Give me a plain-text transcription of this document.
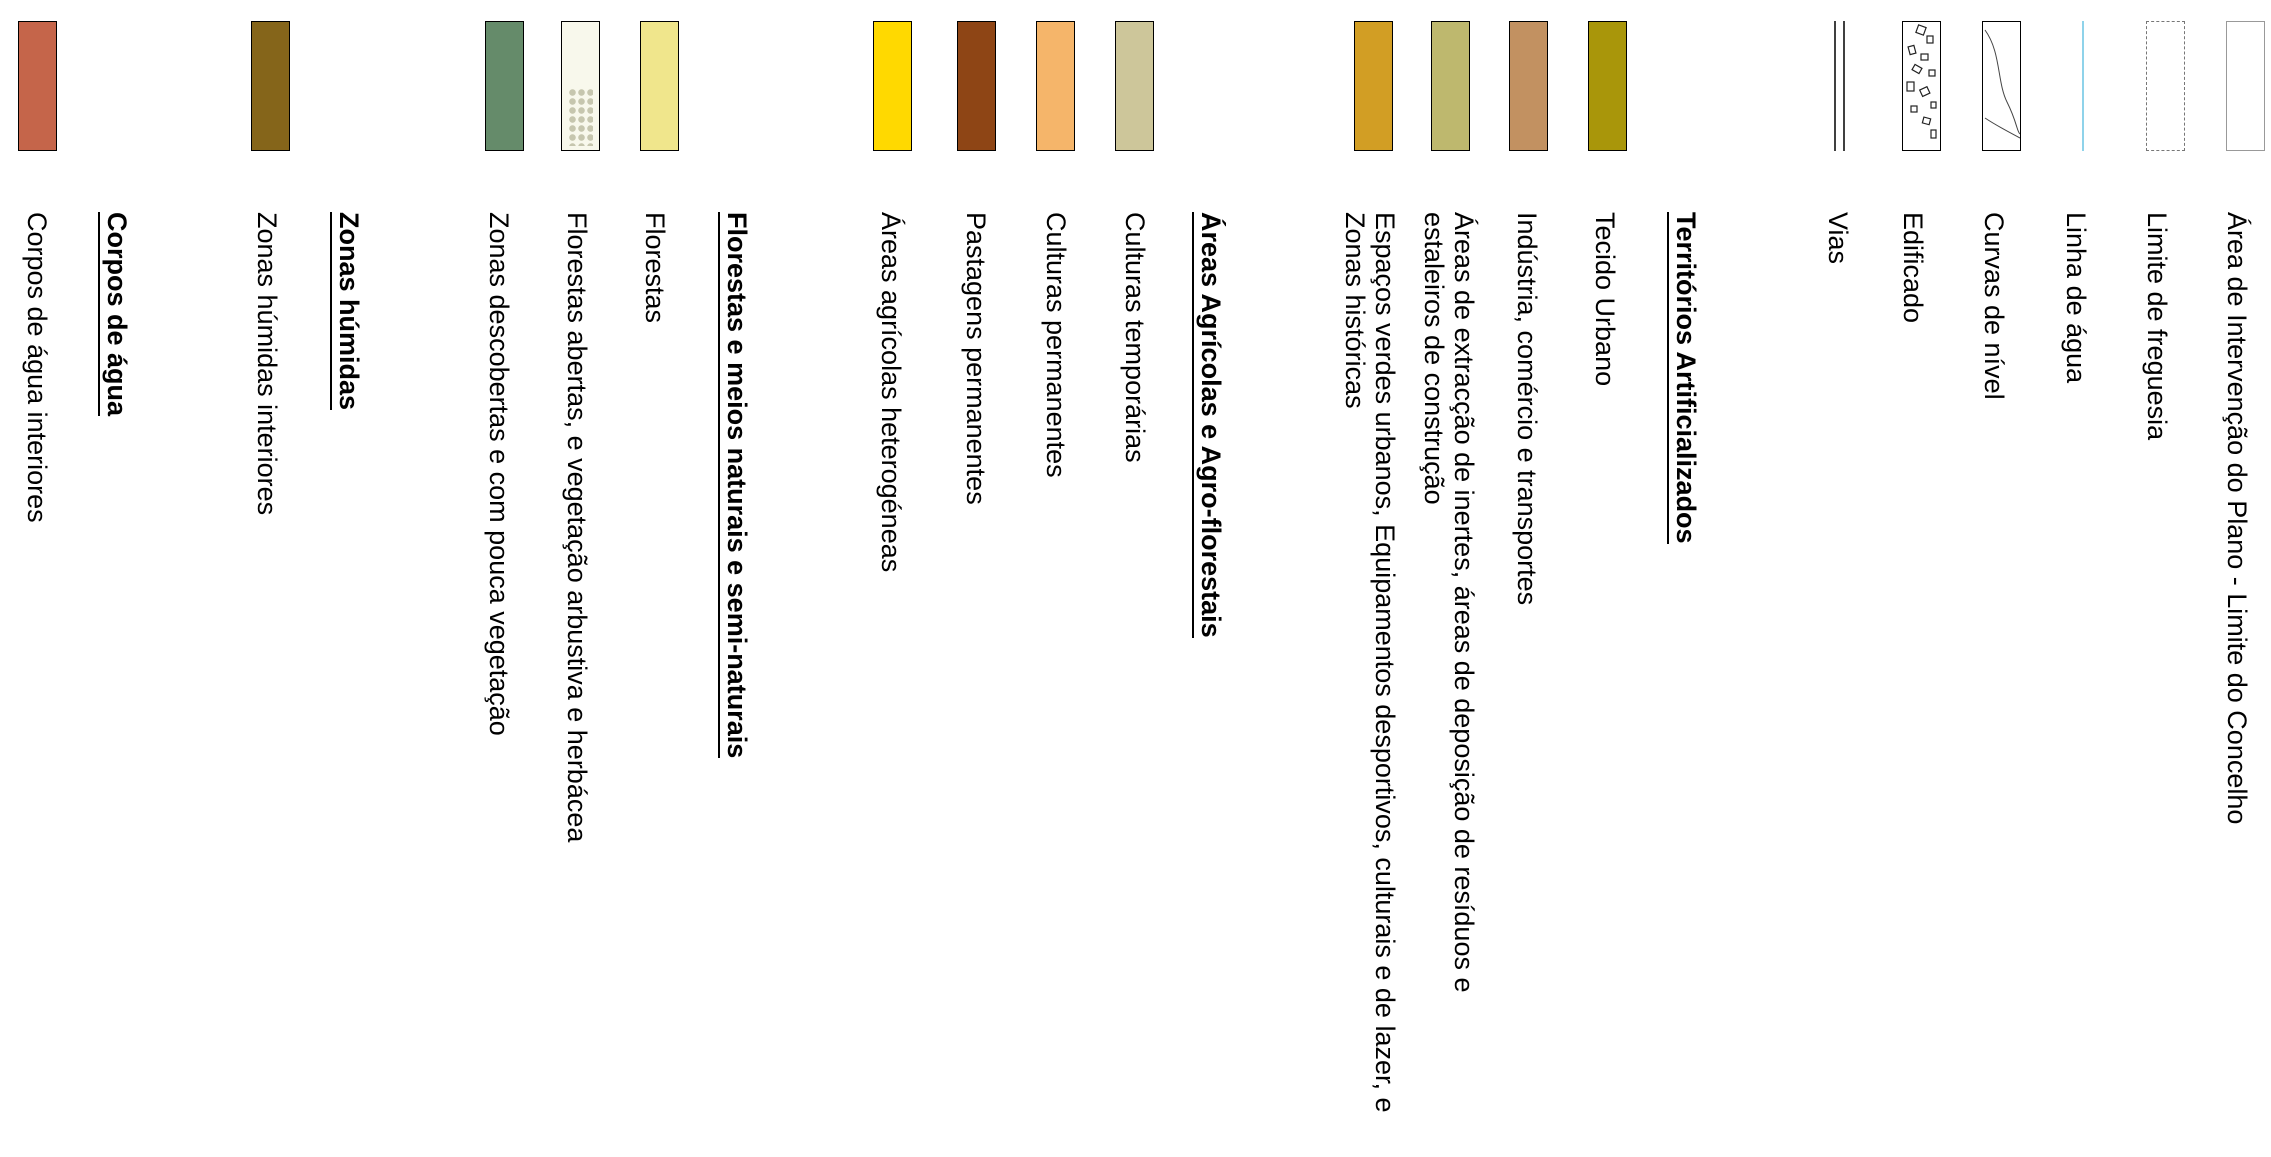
Área de Intervenção do Plano - Limite do Concelho
Limite de freguesia
Linha de água
Curvas de nível
Edificado
Vias
Territórios Artificializados
Tecido Urbano
Indústria, comércio e transportes
Áreas de extracção de inertes, áreas de deposição de resíduos e
estaleiros de construção
Espaços verdes urbanos, Equipamentos desportivos, culturais e de lazer, e
Zonas históricas
Áreas Agrícolas e Agro-florestais
Culturas temporárias
Culturas permanentes
Pastagens permanentes
Áreas agrícolas heterogéneas
Florestas e meios naturais e semi-naturais
Florestas
Florestas abertas, e vegetação arbustiva e herbácea
Zonas descobertas e com pouca vegetação
Zonas húmidas
Zonas húmidas interiores
Corpos de água
Corpos de água interiores
